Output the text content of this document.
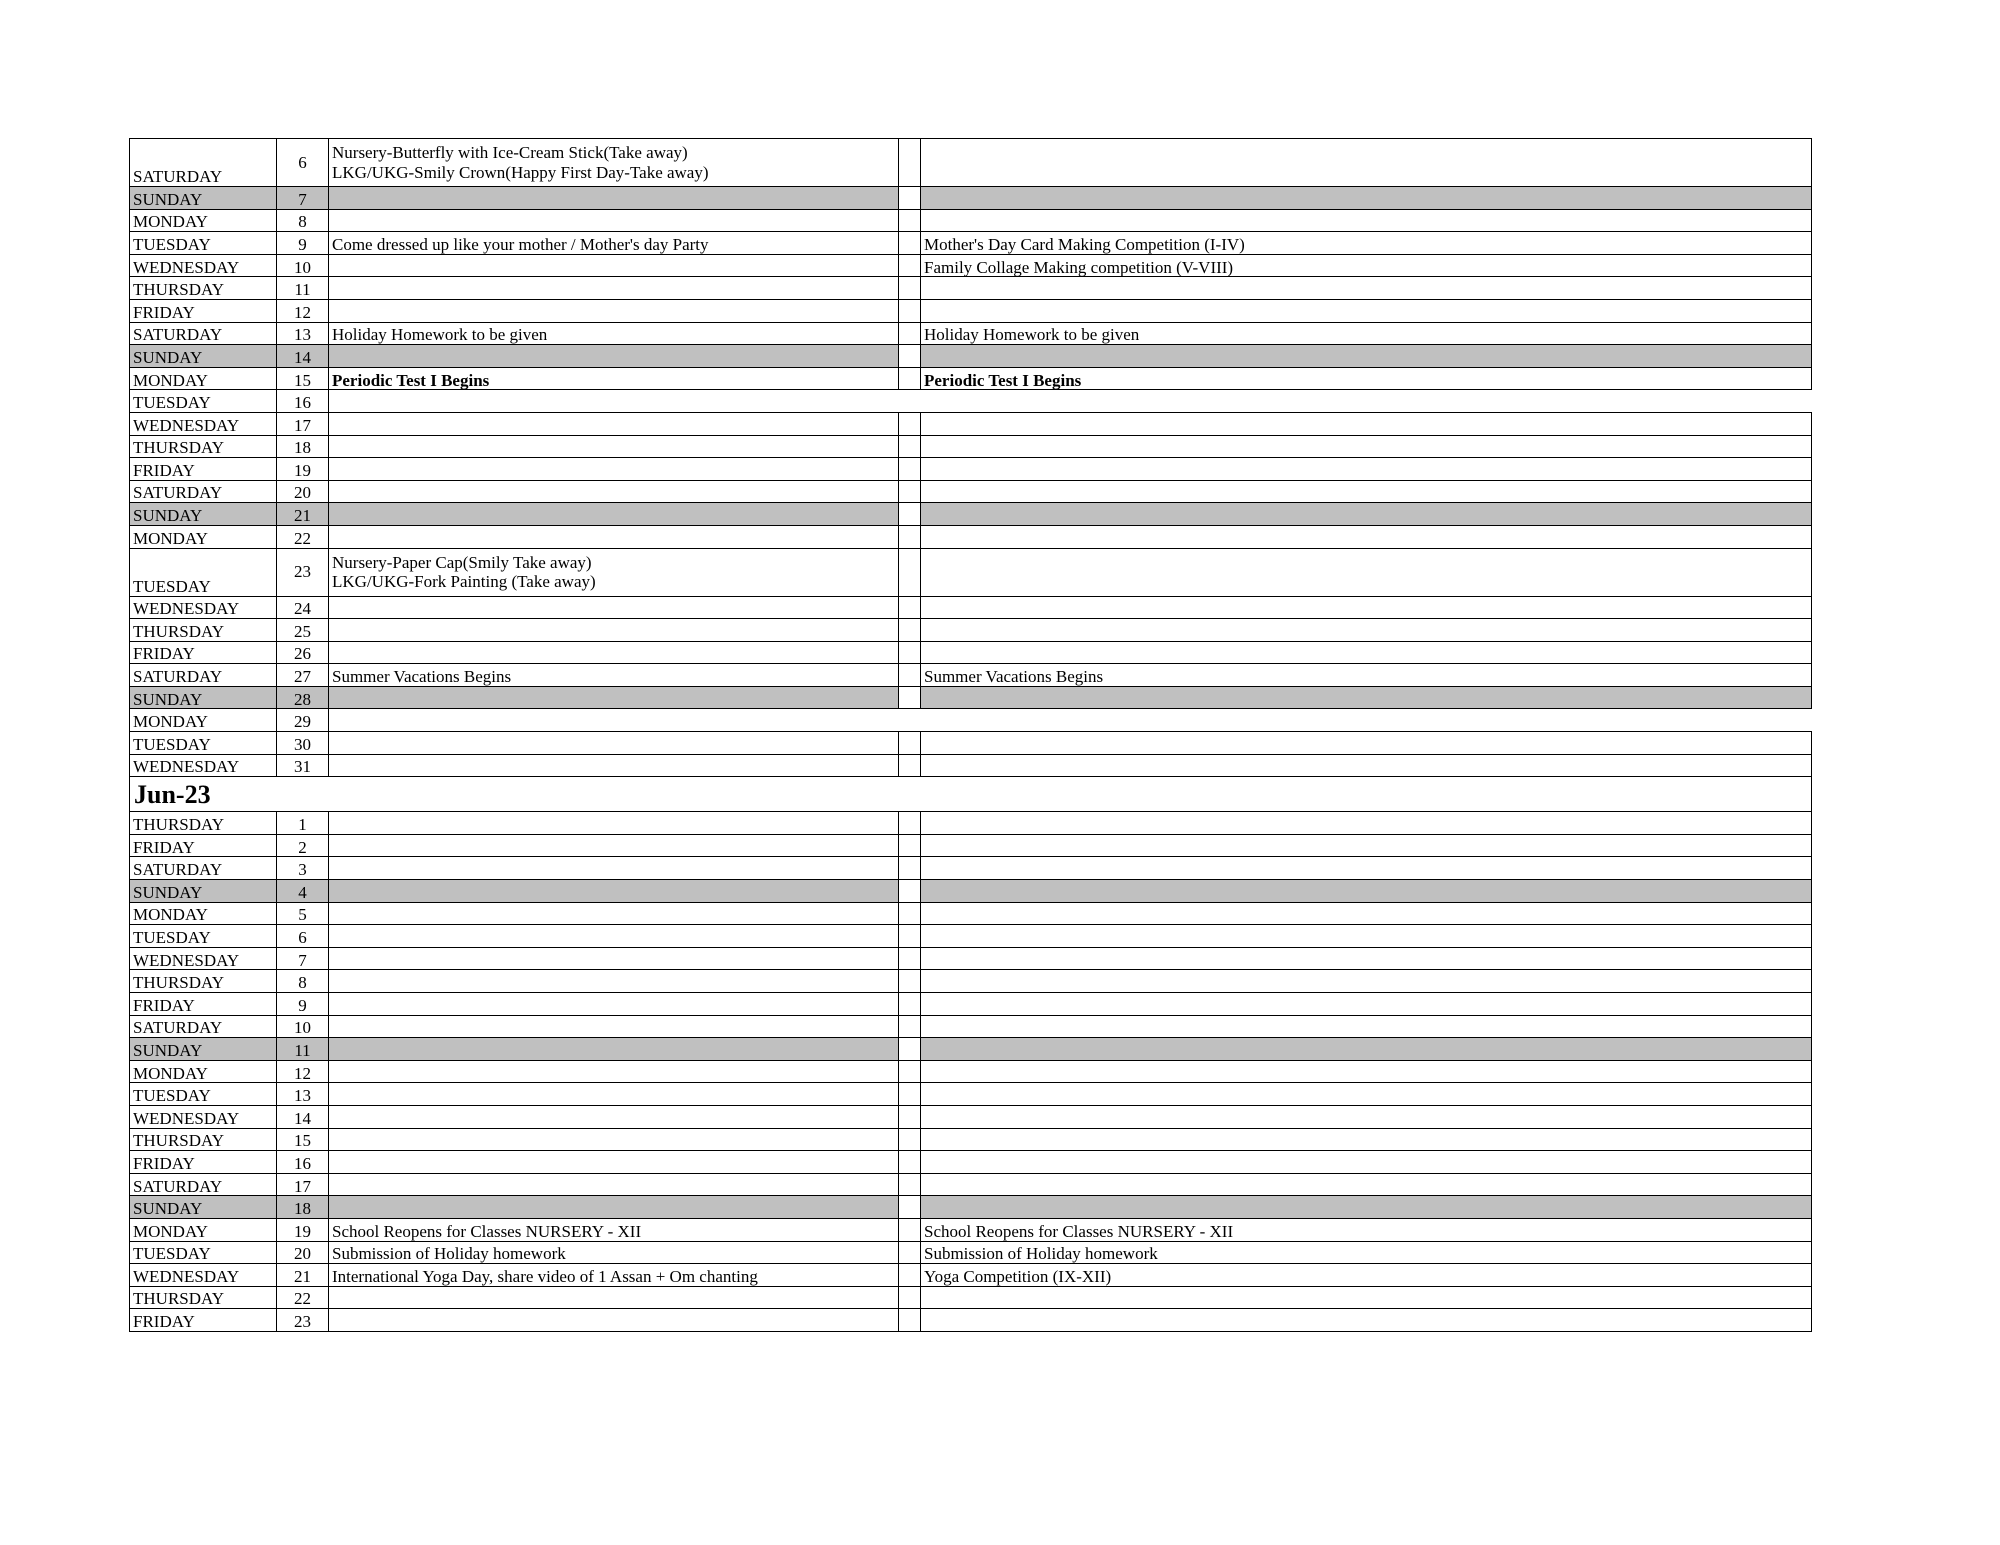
SATURDAY	6	Nursery-Butterfly with Ice-Cream Stick(Take away)
LKG/UKG-Smily Crown(Happy First Day-Take away)		

SUNDAY	7			
MONDAY	8			
TUESDAY	9	Come dressed up like your mother / Mother's day Party		Mother's Day Card Making Competition (I-IV)
WEDNESDAY	10			Family Collage Making competition (V-VIII)
THURSDAY	11			
FRIDAY	12			
SATURDAY	13	Holiday Homework to be given		Holiday Homework to be given
SUNDAY	14			
MONDAY	15	Periodic Test I Begins		Periodic Test I Begins
TUESDAY	16			
WEDNESDAY	17			
THURSDAY	18			
FRIDAY	19			
SATURDAY	20			
SUNDAY	21			
MONDAY	22			
TUESDAY	23	Nursery-Paper Cap(Smily Take away)
LKG/UKG-Fork Painting (Take away)		

WEDNESDAY	24			
THURSDAY	25			
FRIDAY	26			
SATURDAY	27	Summer Vacations Begins		Summer Vacations Begins
SUNDAY	28			
MONDAY	29			
TUESDAY	30			
WEDNESDAY	31			
Jun-23				
THURSDAY	1			
FRIDAY	2			
SATURDAY	3			
SUNDAY	4			
MONDAY	5			
TUESDAY	6			
WEDNESDAY	7			
THURSDAY	8			
FRIDAY	9			
SATURDAY	10			
SUNDAY	11			
MONDAY	12			
TUESDAY	13			
WEDNESDAY	14			
THURSDAY	15			
FRIDAY	16			
SATURDAY	17			
SUNDAY	18			
MONDAY	19	School Reopens for Classes NURSERY - XII		School Reopens for Classes NURSERY - XII
TUESDAY	20	Submission of Holiday homework		Submission of Holiday homework
WEDNESDAY	21	International Yoga Day, share video of 1 Assan + Om chanting		Yoga Competition (IX-XII)
THURSDAY	22			
FRIDAY	23			
